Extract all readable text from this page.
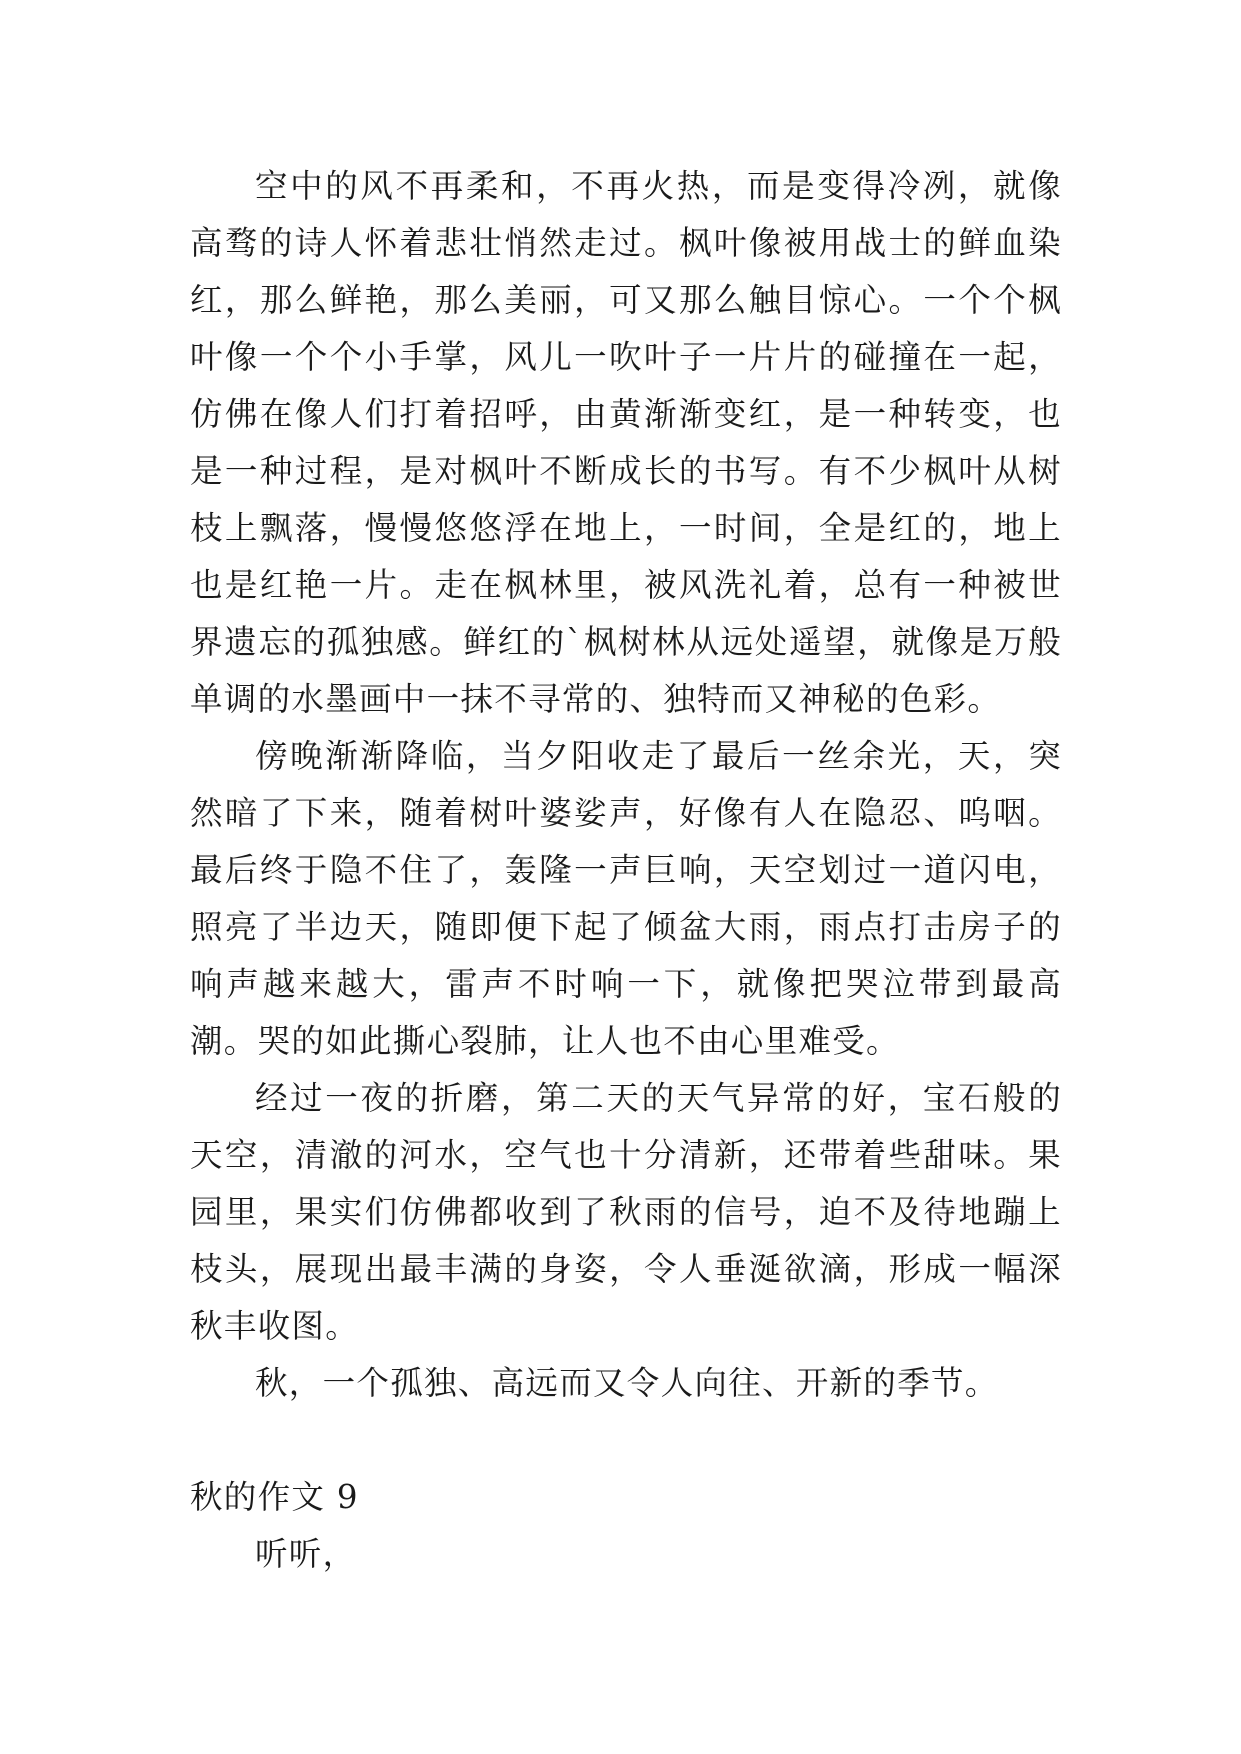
空中的风不再柔和，不再火热，而是变得冷冽，就像高骛的诗人怀着悲壮悄然走过。枫叶像被用战士的鲜血染红，那么鲜艳，那么美丽，可又那么触目惊心。一个个枫叶像一个个小手掌，风儿一吹叶子一片片的碰撞在一起，仿佛在像人们打着招呼，由黄渐渐变红，是一种转变，也是一种过程，是对枫叶不断成长的书写。有不少枫叶从树枝上飘落，慢慢悠悠浮在地上，一时间，全是红的，地上也是红艳一片。走在枫林里，被风洗礼着，总有一种被世界遗忘的孤独感。鲜红的`枫树林从远处遥望，就像是万般单调的水墨画中一抹不寻常的、独特而又神秘的色彩。

傍晚渐渐降临，当夕阳收走了最后一丝余光，天，突然暗了下来，随着树叶婆娑声，好像有人在隐忍、呜咽。最后终于隐不住了，轰隆一声巨响，天空划过一道闪电，照亮了半边天，随即便下起了倾盆大雨，雨点打击房子的响声越来越大，雷声不时响一下，就像把哭泣带到最高潮。哭的如此撕心裂肺，让人也不由心里难受。

经过一夜的折磨，第二天的天气异常的好，宝石般的天空，清澈的河水，空气也十分清新，还带着些甜味。果园里，果实们仿佛都收到了秋雨的信号，迫不及待地蹦上枝头，展现出最丰满的身姿，令人垂涎欲滴，形成一幅深秋丰收图。

秋，一个孤独、高远而又令人向往、开新的季节。

秋的作文 9

听听，
